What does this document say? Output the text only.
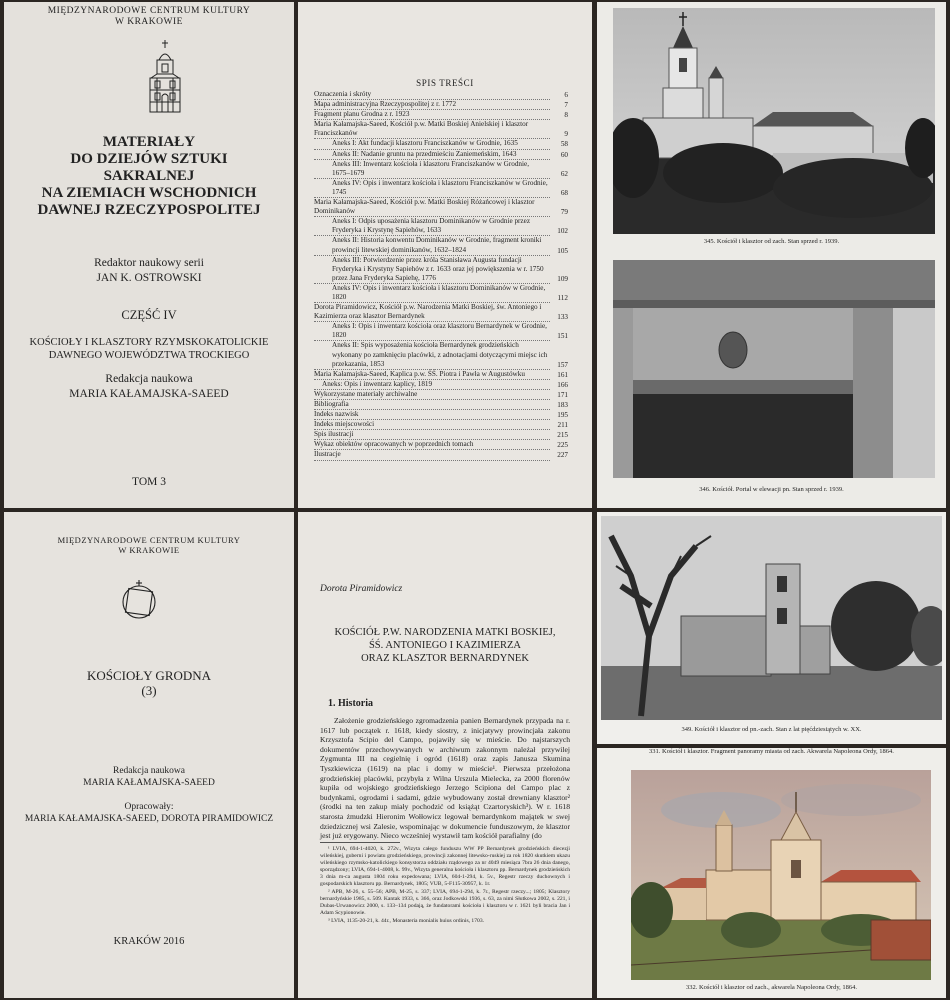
MIĘDZYNARODOWE CENTRUM KULTURY
W KRAKOWIE
MATERIAŁY
DO DZIEJÓW SZTUKI SAKRALNEJ
NA ZIEMIACH WSCHODNICH
DAWNEJ RZECZYPOSPOLITEJ
Redaktor naukowy serii
JAN K. OSTROWSKI
CZĘŚĆ IV
KOŚCIOŁY I KLASZTORY RZYMSKOKATOLICKIE
DAWNEGO WOJEWÓDZTWA TROCKIEGO
Redakcja naukowa
MARIA KAŁAMAJSKA-SAEED
TOM 3
SPIS TREŚCI
Oznaczenia i skróty	6
Mapa administracyjna Rzeczypospolitej z r. 1772	7
Fragment planu Grodna z r. 1923	8
Maria Kałamajska-Saeed, Kościół p.w. Matki Boskiej Anielskiej i klasztor Franciszkanów	9
Aneks I: Akt fundacji klasztoru Franciszkanów w Grodnie, 1635	58
Aneks II: Nadanie gruntu na przedmieściu Zaniemeńskim, 1643	60
Aneks III: Inwentarz kościoła i klasztoru Franciszkanów w Grodnie, 1675–1679	62
Aneks IV: Opis i inwentarz kościoła i klasztoru Franciszkanów w Grodnie, 1745	68
Maria Kałamajska-Saeed, Kościół p.w. Matki Boskiej Różańcowej i klasztor Dominikanów	79
Aneks I: Odpis uposażenia klasztoru Dominikanów w Grodnie przez Fryderyka i Krystynę Sapiehów, 1633	102
Aneks II: Historia konwentu Dominikanów w Grodnie, fragment kroniki prowincji litewskiej dominikanów, 1632–1824	105
Aneks III: Potwierdzenie przez króla Stanisława Augusta fundacji Fryderyka i Krystyny Sapiehów z r. 1633 oraz jej powiększenia w r. 1750 przez Jana Fryderyka Sapiehę, 1776	109
Aneks IV: Opis i inwentarz kościoła i klasztoru Dominikanów w Grodnie, 1820	112
Dorota Piramidowicz, Kościół p.w. Narodzenia Matki Boskiej, św. Antoniego i Kazimierza oraz klasztor Bernardynek	133
Aneks I: Opis i inwentarz kościoła oraz klasztoru Bernardynek w Grodnie, 1820	151
Aneks II: Spis wyposażenia kościoła Bernardynek grodzieńskich wykonany po zamknięciu placówki, z adnotacjami dotyczącymi miejsc ich przekazania, 1853	157
Maria Kałamajska-Saeed, Kaplica p.w. ŚŚ. Piotra i Pawła w Augustówku	161
Aneks: Opis i inwentarz kaplicy, 1819	166
Wykorzystane materiały archiwalne	171
Bibliografia	183
Indeks nazwisk	195
Indeks miejscowości	211
Spis ilustracji	215
Wykaz obiektów opracowanych w poprzednich tomach	225
Ilustracje	227
345. Kościół i klasztor od zach. Stan sprzed r. 1939.
346. Kościół. Portal w elewacji pn. Stan sprzed r. 1939.
MIĘDZYNARODOWE CENTRUM KULTURY
W KRAKOWIE
KOŚCIOŁY GRODNA
(3)
Redakcja naukowa
MARIA KAŁAMAJSKA-SAEED
Opracowały:
MARIA KAŁAMAJSKA-SAEED, DOROTA PIRAMIDOWICZ
KRAKÓW 2016
Dorota Piramidowicz
KOŚCIÓŁ P.W. NARODZENIA MATKI BOSKIEJ,
ŚŚ. ANTONIEGO I KAZIMIERZA
ORAZ KLASZTOR BERNARDYNEK
1. Historia
Założenie grodzieńskiego zgromadzenia panien Bernardynek przypada na r. 1617 lub początek r. 1618, kiedy siostry, z inicjatywy prowincjała zakonu Krzysztofa Scipio del Campo, pojawiły się w mieście. Do najstarszych dokumentów przechowywanych w archiwum zakonnym należał przywilej Zygmunta III na cegielnię i ogród (1618) oraz zapis Janusza Skumina Tyszkiewicza (1619) na plac i domy w mieście¹. Pierwsza przełożona grodzieńskiej placówki, przybyła z Wilna Urszula Mielecka, za 2000 florenów kupiła od wojskiego grodzieńskiego Jerzego Scipiona del Campo plac z budynkami, ogrodami i sadami, gdzie wybudowany został drewniany klasztor² (środki na ten zakup miały pochodzić od książąt Czartoryskich³). W r. 1618 starosta żmudzki Hieronim Wołłowicz legował bernardynkom majątek w swej dziedzicznej wsi Zalesie, wspominając w dokumencie funduszowym, że klasztor jest już erygowany. Nieco wcześniej wystawił tam kościół parafialny (do

¹ LVIA, 694-1-4020, k. 272v., Wizyta całego funduszu WW PP Bernardynek grodzieńskich diecezji wileńskiej, guberni i powiatu grodzieńskiego, prowincji zakonnej litewsko-ruskiej za rok 1820 skutkiem ukazu wileńskiego rzymsko-katolickiego konsystorza oddziału rządowego za nr 4049 miesiąca 7bra 26 dnia danego, sporządzony; LVIA, 694-1-4008, k. 99v., Wizyta generalna kościoła i klasztoru pp. Bernardynek grodzieńskich 3 dnia m-ca augusta 1804 roku expedowana; LVIA, 604-1-294, k. 5v., Regestr rzeczy duchownych i gospodarskich klasztoru pp. Bernardynek, 1805; VUB, 5-F115-30957, k. 1r.

² APB, M-26, s. 55–56; APB, M-25, s. 337; LVIA, 694-1-294, k. 7r., Regestr rzeczy...; 1805; Klasztory bernardyńskie 1985, s. 509. Kantak 1933, s. 366, oraz Jodkowski 1936, s. 63, za nimi Słutkowa 2002, s. 221, i Dubas-Urwanowicz 2000, s. 133–134 podają, że fundatorami kościoła i klasztoru w r. 1621 byli bracia Jan i Adam Scypionowie.

³ LVIA, 1135-20-21, k. 44r., Monasteria monialis huius ordinis, 1703.

349. Kościół i klasztor od pn.-zach. Stan z lat pięćdziesiątych w. XX.
331. Kościół i klasztor. Fragment panoramy miasta od zach. Akwarela Napoleona Ordy, 1864.
332. Kościół i klasztor od zach., akwarela Napoleona Ordy, 1864.
